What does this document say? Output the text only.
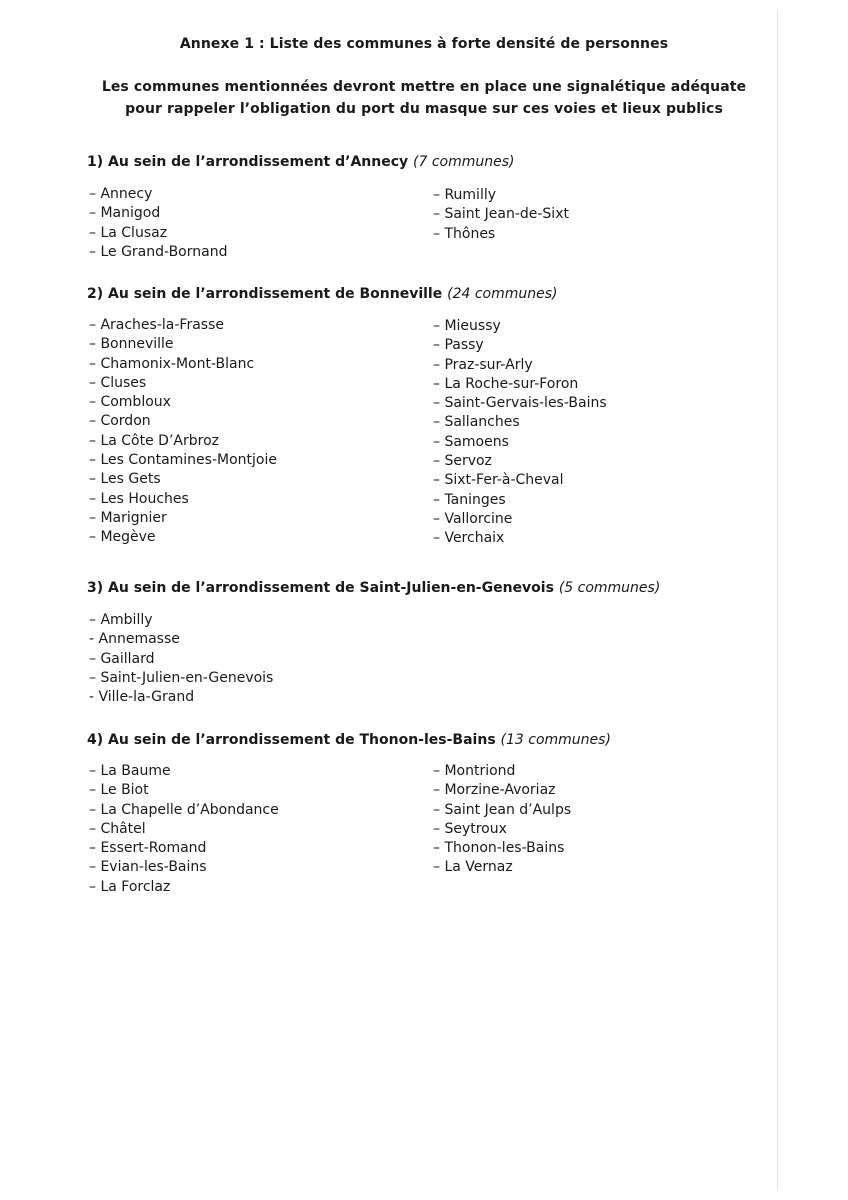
Annexe 1 : Liste des communes à forte densité de personnes
Les communes mentionnées devront mettre en place une signalétique adéquate
pour rappeler l’obligation du port du masque sur ces voies et lieux publics
1) Au sein de l’arrondissement d’Annecy (7 communes)
– Annecy
– Manigod
– La Clusaz
– Le Grand-Bornand
– Rumilly
– Saint Jean-de-Sixt
– Thônes
2) Au sein de l’arrondissement de Bonneville (24 communes)
– Araches-la-Frasse
– Bonneville
– Chamonix-Mont-Blanc
– Cluses
– Combloux
– Cordon
– La Côte D’Arbroz
– Les Contamines-Montjoie
– Les Gets
– Les Houches
– Marignier
– Megève
– Mieussy
– Passy
– Praz-sur-Arly
– La Roche-sur-Foron
– Saint-Gervais-les-Bains
– Sallanches
– Samoens
– Servoz
– Sixt-Fer-à-Cheval
– Taninges
– Vallorcine
– Verchaix
3) Au sein de l’arrondissement de Saint-Julien-en-Genevois (5 communes)
– Ambilly
- Annemasse
– Gaillard
– Saint-Julien-en-Genevois
- Ville-la-Grand
4) Au sein de l’arrondissement de Thonon-les-Bains (13 communes)
– La Baume
– Le Biot
– La Chapelle d’Abondance
– Châtel
– Essert-Romand
– Evian-les-Bains
– La Forclaz
– Montriond
– Morzine-Avoriaz
– Saint Jean d’Aulps
– Seytroux
– Thonon-les-Bains
– La Vernaz
